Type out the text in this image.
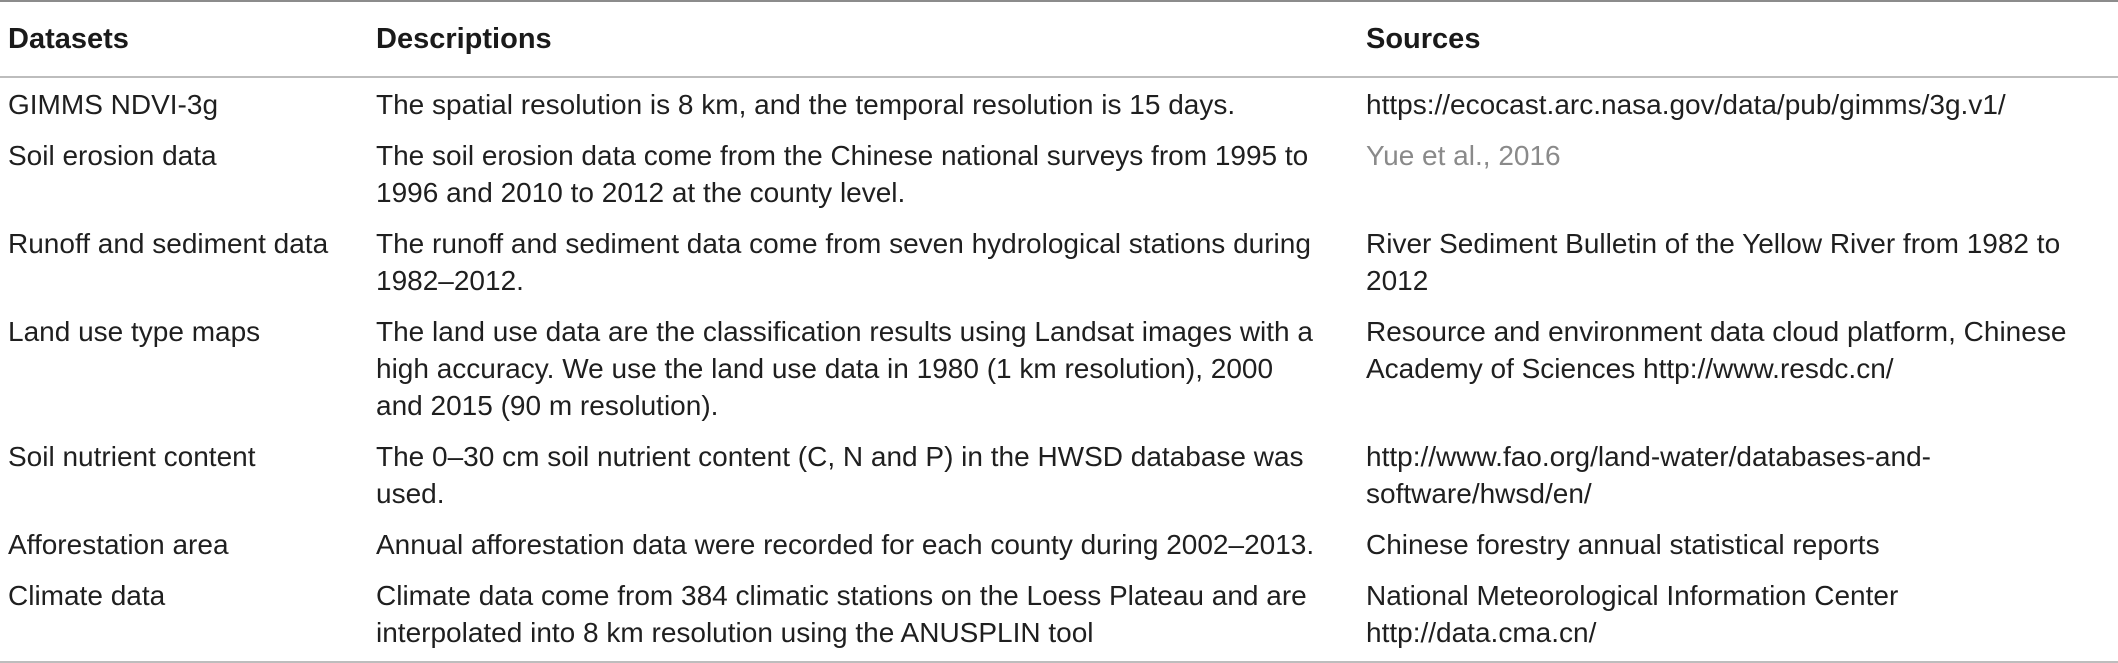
Datasets	Descriptions	Sources
GIMMS NDVI-3g	The spatial resolution is 8 km, and the temporal resolution is 15 days.	https://ecocast.arc.nasa.gov/data/pub/gimms/3g.v1/
Soil erosion data	The soil erosion data come from the Chinese national surveys from 1995 to 1996 and 2010 to 2012 at the county level.	Yue et al., 2016
Runoff and sediment data	The runoff and sediment data come from seven hydrological stations during 1982–2012.	River Sediment Bulletin of the Yellow River from 1982 to 2012
Land use type maps	The land use data are the classification results using Landsat images with a high accuracy. We use the land use data in 1980 (1 km resolution), 2000 and 2015 (90 m resolution).	Resource and environment data cloud platform, Chinese Academy of Sciences http://www.resdc.cn/
Soil nutrient content	The 0–30 cm soil nutrient content (C, N and P) in the HWSD database was used.	http://www.fao.org/land-water/databases-and-software/hwsd/en/
Afforestation area	Annual afforestation data were recorded for each county during 2002–2013.	Chinese forestry annual statistical reports
Climate data	Climate data come from 384 climatic stations on the Loess Plateau and are interpolated into 8 km resolution using the ANUSPLIN tool	National Meteorological Information Center http://data.cma.cn/
